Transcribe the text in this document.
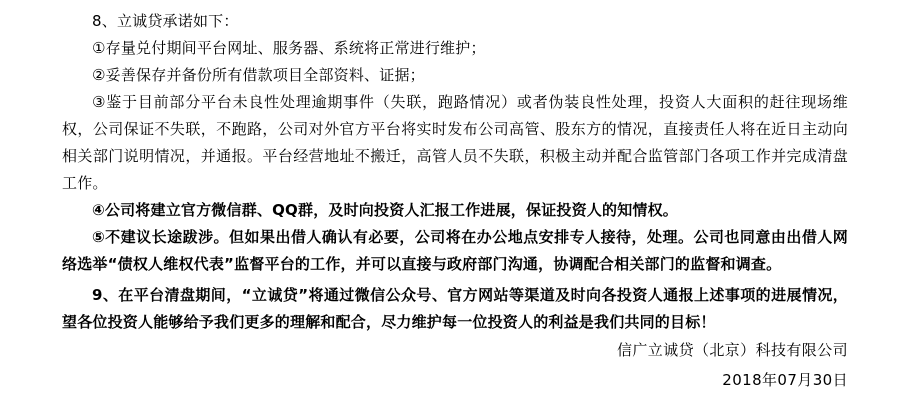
8、立诚贷承诺如下：

①存量兑付期间平台网址、服务器、系统将正常进行维护；

②妥善保存并备份所有借款项目全部资料、证据；

③鉴于目前部分平台未良性处理逾期事件（失联，跑路情况）或者伪装良性处理，投资人大面积的赶往现场维权，公司保证不失联，不跑路，公司对外官方平台将实时发布公司高管、股东方的情况，直接责任人将在近日主动向相关部门说明情况，并通报。平台经营地址不搬迁，高管人员不失联，积极主动并配合监管部门各项工作并完成清盘工作。

④公司将建立官方微信群、QQ群，及时向投资人汇报工作进展，保证投资人的知情权。

⑤不建议长途跋涉。但如果出借人确认有必要，公司将在办公地点安排专人接待，处理。公司也同意由出借人网络选举“债权人维权代表”监督平台的工作，并可以直接与政府部门沟通，协调配合相关部门的监督和调查。

9、在平台清盘期间，“立诚贷”将通过微信公众号、官方网站等渠道及时向各投资人通报上述事项的进展情况，望各位投资人能够给予我们更多的理解和配合，尽力维护每一位投资人的利益是我们共同的目标！

信广立诚贷（北京）科技有限公司
2018年07月30日
